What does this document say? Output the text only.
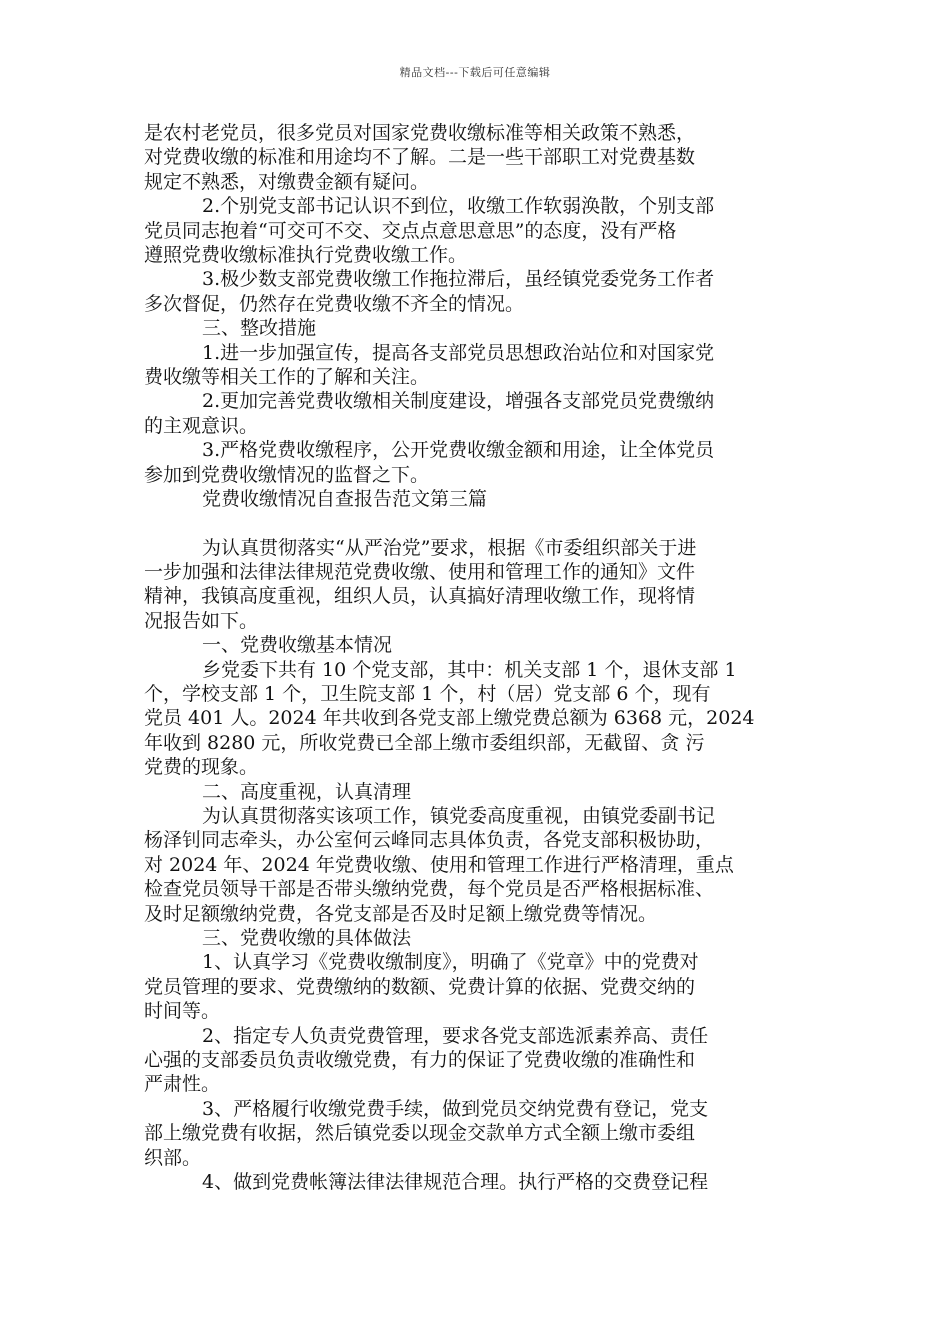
精品文档---下载后可任意编辑

是农村老党员，很多党员对国家党费收缴标准等相关政策不熟悉，

对党费收缴的标准和用途均不了解。二是一些干部职工对党费基数

规定不熟悉，对缴费金额有疑问。

2.个别党支部书记认识不到位，收缴工作软弱涣散，个别支部

党员同志抱着“可交可不交、交点点意思意思”的态度，没有严格

遵照党费收缴标准执行党费收缴工作。

3.极少数支部党费收缴工作拖拉滞后，虽经镇党委党务工作者

多次督促，仍然存在党费收缴不齐全的情况。

三、整改措施

1.进一步加强宣传，提高各支部党员思想政治站位和对国家党

费收缴等相关工作的了解和关注。

2.更加完善党费收缴相关制度建设，增强各支部党员党费缴纳

的主观意识。

3.严格党费收缴程序，公开党费收缴金额和用途，让全体党员

参加到党费收缴情况的监督之下。

党费收缴情况自查报告范文第三篇

为认真贯彻落实“从严治党”要求，根据《市委组织部关于进

一步加强和法律法律规范党费收缴、使用和管理工作的通知》文件

精神，我镇高度重视，组织人员，认真搞好清理收缴工作，现将情

况报告如下。

一、党费收缴基本情况

乡党委下共有 10 个党支部，其中：机关支部 1 个，退休支部 1

个，学校支部 1 个，卫生院支部 1 个，村（居）党支部 6 个，现有

党员 401 人。2024 年共收到各党支部上缴党费总额为 6368 元，2024

年收到 8280 元，所收党费已全部上缴市委组织部，无截留、贪 污

党费的现象。

二、高度重视，认真清理

为认真贯彻落实该项工作，镇党委高度重视，由镇党委副书记

杨泽钊同志牵头，办公室何云峰同志具体负责，各党支部积极协助，

对 2024 年、2024 年党费收缴、使用和管理工作进行严格清理，重点

检查党员领导干部是否带头缴纳党费，每个党员是否严格根据标准、

及时足额缴纳党费，各党支部是否及时足额上缴党费等情况。

三、党费收缴的具体做法

1、认真学习《党费收缴制度》，明确了《党章》中的党费对

党员管理的要求、党费缴纳的数额、党费计算的依据、党费交纳的

时间等。

2、指定专人负责党费管理，要求各党支部选派素养高、责任

心强的支部委员负责收缴党费，有力的保证了党费收缴的准确性和

严肃性。

3、严格履行收缴党费手续，做到党员交纳党费有登记，党支

部上缴党费有收据，然后镇党委以现金交款单方式全额上缴市委组

织部。

4、做到党费帐簿法律法律规范合理。执行严格的交费登记程
